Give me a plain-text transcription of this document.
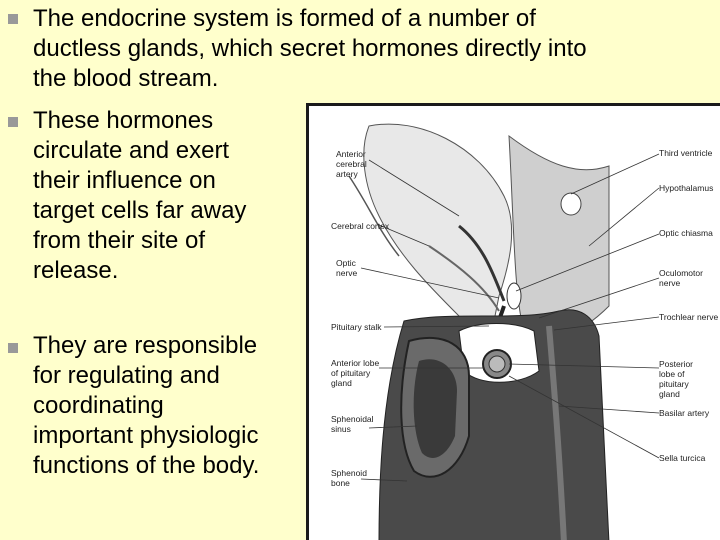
The endocrine system is formed of a number of
ductless glands, which secret hormones directly into
the blood stream.
These hormones
circulate and exert
their influence on
target cells far away
from their site of
release.
They are responsible
for regulating and
coordinating
important physiologic
functions of the body.
Anterior cerebral artery
Cerebral cortex
Optic nerve
Pituitary stalk
Anterior lobe of pituitary gland
Sphenoidal sinus
Sphenoid bone
Third ventricle
Hypothalamus
Optic chiasma
Oculomotor nerve
Trochlear nerve
Posterior lobe of pituitary gland
Basilar artery
Sella turcica
